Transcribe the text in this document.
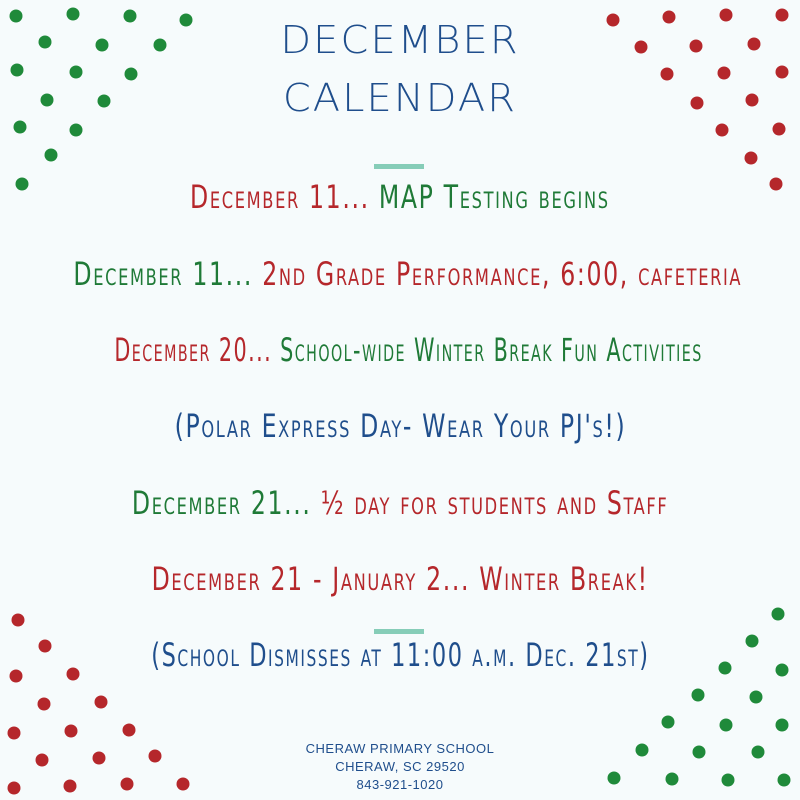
DECEMBER
CALENDAR
December 11... MAP Testing begins
December 11... 2nd Grade Performance, 6:00, cafeteria
December 20... School-wide Winter Break Fun Activities
(Polar Express Day- Wear Your PJ's!)
December 21... ½ day for students and Staff
December 21 - January 2... Winter Break!
(School Dismisses at 11:00 a.m. Dec. 21st)
CHERAW PRIMARY SCHOOL
CHERAW, SC 29520
843-921-1020
